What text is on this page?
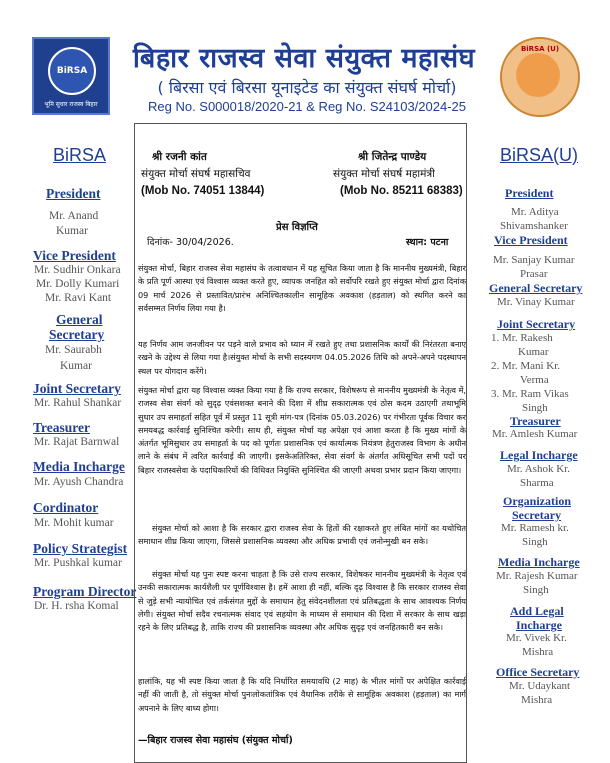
BiRSA
भूमि सुधार राजस्व बिहार
BiRSA (U)
बिहार राजस्व सेवा संयुक्त महासंघ
( बिरसा एवं बिरसा यूनाइटेड का संयुक्त संघर्ष मोर्चा)
Reg No. S000018/2020-21 & Reg No. S24103/2024-25
BiRSA
President
Mr. Anand
Kumar
Vice President
Mr. Sudhir Onkara
Mr. Dolly Kumari
Mr. Ravi Kant
General
Secretary
Mr. Saurabh
Kumar
Joint Secretary
Mr. Rahul Shankar
Treasurer
Mr. Rajat Barnwal
Media Incharge
Mr. Ayush Chandra
Cordinator
Mr. Mohit kumar
Policy Strategist
Mr. Pushkal kumar
Program Director
Dr. H. rsha Komal
BiRSA(U)
President
Mr. Aditya
Shivamshanker
Vice President
Mr. Sanjay Kumar
Prasar
General Secretary
Mr. Vinay Kumar
Joint Secretary
1. Mr. Rakesh
Kumar
2. Mr. Mani Kr.
Verma
3. Mr. Ram Vikas
Singh
Treasurer
Mr. Amlesh Kumar
Legal Incharge
Mr. Ashok Kr.
Sharma
Organization
Secretary
Mr. Ramesh kr.
Singh
Media Incharge
Mr. Rajesh Kumar
Singh
Add Legal
Incharge
Mr. Vivek Kr.
Mishra
Office Secretary
Mr. Udaykant
Mishra
श्री रजनी कांत
संयुक्त मोर्चा संघर्ष महासचिव
(Mob No. 74051 13844)
श्री जितेन्द्र पाण्डेय
संयुक्त मोर्चा संघर्ष महामंत्री
(Mob No. 85211 68383)
प्रेस विज्ञप्ति
दिनांक- 30/04/2026.	स्थान: पटना
संयुक्त मोर्चा, बिहार राजस्व सेवा महासंघ के तत्वावधान में यह सूचित किया जाता है कि माननीय मुख्यमंत्री, बिहार के प्रति पूर्ण आस्था एवं विश्वास व्यक्त करते हुए, व्यापक जनहित को सर्वोपरि रखते हुए संयुक्त मोर्चा द्वारा दिनांक 09 मार्च 2026 से प्रस्तावित/प्रारंभ अनिश्चितकालीन सामूहिक अवकाश (हड़ताल) को स्थगित करने का सर्वसम्मत निर्णय लिया गया है।
यह निर्णय आम जनजीवन पर पड़ने वाले प्रभाव को ध्यान में रखते हुए तथा प्रशासनिक कार्यों की निरंतरता बनाए रखने के उद्देश्य से लिया गया है।संयुक्त मोर्चा के सभी सदस्यगण 04.05.2026 तिथि को अपने-अपने पदस्थापन स्थल पर योगदान करेंगे।
संयुक्त मोर्चा द्वारा यह विश्वास व्यक्त किया गया है कि राज्य सरकार, विशेषरूप से माननीय मुख्यमंत्री के नेतृत्व में, राजस्व सेवा संवर्ग को सुदृढ़ एवंसशक्त बनाने की दिशा में शीघ्र सकारात्मक एवं ठोस कदम उठाएगी तथाभूमि सुधार उप समाहर्ता सहित पूर्व में प्रस्तुत 11 सूत्री मांग-पत्र (दिनांक 05.03.2026) पर गंभीरता पूर्वक विचार कर समयबद्ध कार्रवाई सुनिश्चित करेगी। साथ ही, संयुक्त मोर्चा यह अपेक्षा एवं आशा करता है कि मुख्य मांगों के अंतर्गत भूमिसुधार उप समाहर्ता के पद को पूर्णतः प्रशासनिक एवं कार्यात्मक नियंत्रण हेतुराजस्व विभाग के अधीन लाने के संबंध में त्वरित कार्रवाई की जाएगी। इसकेअतिरिक्त, सेवा संवर्ग के अंतर्गत अधिसूचित सभी पदों पर बिहार राजस्वसेवा के पदाधिकारियों की विधिवत नियुक्ति सुनिश्चित की जाएगी अथवा प्रभार प्रदान किया जाएगा।
संयुक्त मोर्चा को आशा है कि सरकार द्वारा राजस्व सेवा के हितों की रक्षाकरते हुए लंबित मांगों का यथोचित समाधान शीघ्र किया जाएगा, जिससे प्रशासनिक व्यवस्था और अधिक प्रभावी एवं जनोन्मुखी बन सके।
संयुक्त मोर्चा यह पुनः स्पष्ट करना चाहता है कि उसे राज्य सरकार, विशेषकर माननीय मुख्यमंत्री के नेतृत्व एवं उनकी सकारात्मक कार्यशैली पर पूर्णविश्वास है। हमें आशा ही नहीं, बल्कि दृढ़ विश्वास है कि सरकार राजस्व सेवा से जुड़े सभी न्यायोचित एवं तर्कसंगत मुद्दों के समाधान हेतु संवेदनशीलता एवं प्रतिबद्धता के साथ आवश्यक निर्णय लेगी। संयुक्त मोर्चा सदैव रचनात्मक संवाद एवं सहयोग के माध्यम से समाधान की दिशा में सरकार के साथ खड़ा रहने के लिए प्रतिबद्ध है, ताकि राज्य की प्रशासनिक व्यवस्था और अधिक सुदृढ़ एवं जनहितकारी बन सके।
हालांकि, यह भी स्पष्ट किया जाता है कि यदि निर्धारित समयावधि (2 माह) के भीतर मांगों पर अपेक्षित कार्रवाई नहीं की जाती है, तो संयुक्त मोर्चा पुनःलोकतांत्रिक एवं वैधानिक तरीके से सामूहिक अवकाश (हड़ताल) का मार्ग अपनाने के लिए बाध्य होगा।
—बिहार राजस्व सेवा महासंघ (संयुक्त मोर्चा)
